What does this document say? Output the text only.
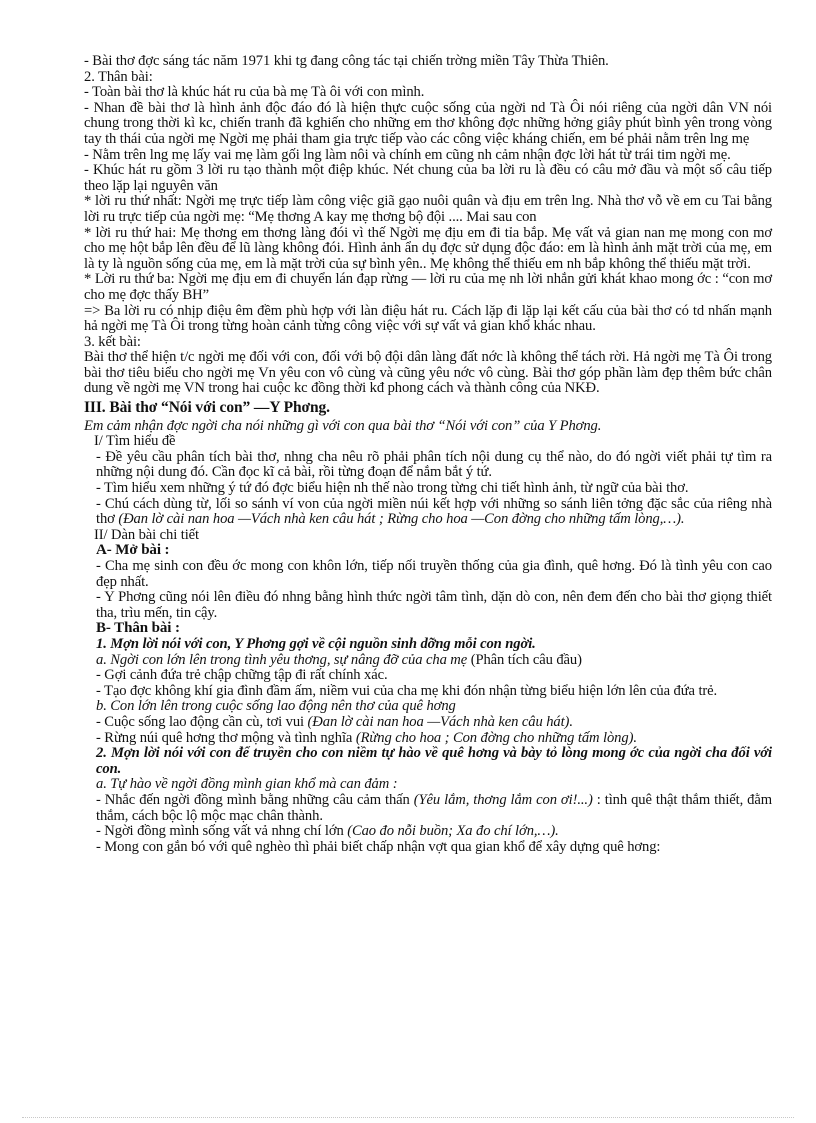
- Bài thơ đợc sáng tác năm 1971 khi tg đang công tác tại chiến trờng miền Tây Thừa Thiên.

2. Thân bài:

- Toàn bài thơ là khúc hát ru của bà mẹ Tà ôi với con mình.

- Nhan đề bài thơ là hình ảnh độc đáo đó là hiện thực cuộc sống của ngời nd Tà Ôi nói riêng của ngời dân VN nói chung trong thời kì kc, chiến tranh đã kghiến cho những em thơ không đợc những hởng giây phút bình yên trong vòng tay th thái của ngời mẹ Ngời mẹ phải tham gia trực tiếp vào các công việc kháng chiến, em bé phải nằm trên lng mẹ

- Nằm trên lng mẹ lấy vai mẹ làm gối lng làm nôi và chính em cũng nh cảm nhận đợc lời hát từ trái tim ngời mẹ.

- Khúc hát ru gồm 3 lời ru tạo thành một điệp khúc. Nét chung của ba lời ru là đều có câu mở đầu và một số câu tiếp theo lặp lại nguyên văn

* lời ru thứ nhất: Ngời mẹ trực tiếp làm công việc giã gạo nuôi quân và địu em trên lng. Nhà thơ vỗ về em cu Tai bằng lời ru trực tiếp của ngời mẹ: “Mẹ thơng A kay mẹ thơng bộ đội .... Mai sau con

* lời ru thứ hai: Mẹ thơng em thơng làng đói vì thế Ngời mẹ địu em đi tỉa bắp. Mẹ vất vả gian nan mẹ mong con mơ cho mẹ hột bắp lên đều để lũ làng không đói. Hình ảnh ẩn dụ đợc sử dụng độc đáo: em là hình ảnh mặt trời của mẹ, em là ty là nguồn sống của mẹ, em là mặt trời của sự bình yên.. Mẹ không thể thiếu em nh bắp không thể thiếu mặt trời.

* Lời ru thứ ba: Ngời mẹ địu em đi chuyển lán đạp rừng — lời ru của mẹ nh lời nhắn gửi khát khao mong ớc : “con mơ cho mẹ đợc thấy BH”

=> Ba lời ru có nhịp điệu êm đềm phù hợp với làn điệu hát ru. Cách lặp đi lặp lại kết cấu của bài thơ có td nhấn mạnh hả ngời mẹ Tà Ôi trong từng hoàn cảnh từng công việc với sự vất vả gian khổ khác nhau.

3. kết bài:

Bài thơ thể hiện t/c ngời mẹ đối với con, đối với bộ đội dân làng đất nớc là không thể tách rời. Hả ngời mẹ Tà Ôi trong bài thơ tiêu biểu cho ngời mẹ Vn yêu con vô cùng và cũng yêu nớc vô cùng. Bài thơ góp phần làm đẹp thêm bức chân dung về ngời mẹ VN trong hai cuộc kc đồng thời kđ phong cách và thành công của NKĐ.

III. Bài thơ “Nói với con” —Y Phơng.

Em cảm nhận đợc ngời cha nói những gì với con qua bài thơ “Nói với con” của Y Phơng.

I/ Tìm hiểu đề

- Đề yêu cầu phân tích bài thơ, nhng cha nêu rõ phải phân tích nội dung cụ thể nào, do đó ngời viết phải tự tìm ra những nội dung đó. Cần đọc kĩ cả bài, rồi từng đoạn để nắm bắt ý tứ.

- Tìm hiểu xem những ý tứ đó đợc biểu hiện nh thế nào trong từng chi tiết hình ảnh, từ ngữ của bài thơ.

- Chú cách dùng từ, lối so sánh ví von của ngời miền núi kết hợp với những so sánh liên tởng đặc sắc của riêng nhà thơ (Đan lờ cài nan hoa —Vách nhà ken câu hát ; Rừng cho hoa —Con đờng cho những tấm lòng,…).

II/ Dàn bài chi tiết

A- Mở bài :

- Cha mẹ sinh con đều ớc mong con khôn lớn, tiếp nối truyền thống của gia đình, quê hơng. Đó là tình yêu con cao đẹp nhất.

- Y Phơng cũng nói lên điều đó nhng bằng hình thức ngời tâm tình, dặn dò con, nên đem đến cho bài thơ giọng thiết tha, trìu mến, tin cậy.

B- Thân bài :

1. Mợn lời nói với con, Y Phơng gợi về cội nguồn sinh dỡng mỗi con ngời.

a. Ngời con lớn lên trong tình yêu thơng, sự nâng đỡ của cha mẹ (Phân tích câu đầu)

- Gợi cảnh đứa trẻ chập chững tập đi rất chính xác.

- Tạo đợc không khí gia đình đầm ấm, niềm vui của cha mẹ khi đón nhận từng biểu hiện lớn lên của đứa trẻ.

b. Con lớn lên trong cuộc sống lao động nên thơ của quê hơng

- Cuộc sống lao động cần cù, tơi vui (Đan lờ cài nan hoa —Vách nhà ken câu hát).

- Rừng núi quê hơng thơ mộng và tình nghĩa (Rừng cho hoa ; Con đờng cho những tấm lòng).

2. Mợn lời nói với con để truyền cho con niềm tự hào về quê hơng và bày tỏ lòng mong ớc của ngời cha đối với con.

a. Tự hào về ngời đồng mình gian khổ mà can đảm :

- Nhắc đến ngời đồng mình bằng những câu cảm thấn (Yêu lắm, thơng lắm con ơi!...) : tình quê thật thắm thiết, đằm thắm, cách bộc lộ mộc mạc chân thành.

- Ngời đồng mình sống vất vả nhng chí lớn (Cao đo nỗi buồn; Xa đo chí lớn,…).

- Mong con gắn bó với quê nghèo thì phải biết chấp nhận vợt qua gian khổ để xây dựng quê hơng:
